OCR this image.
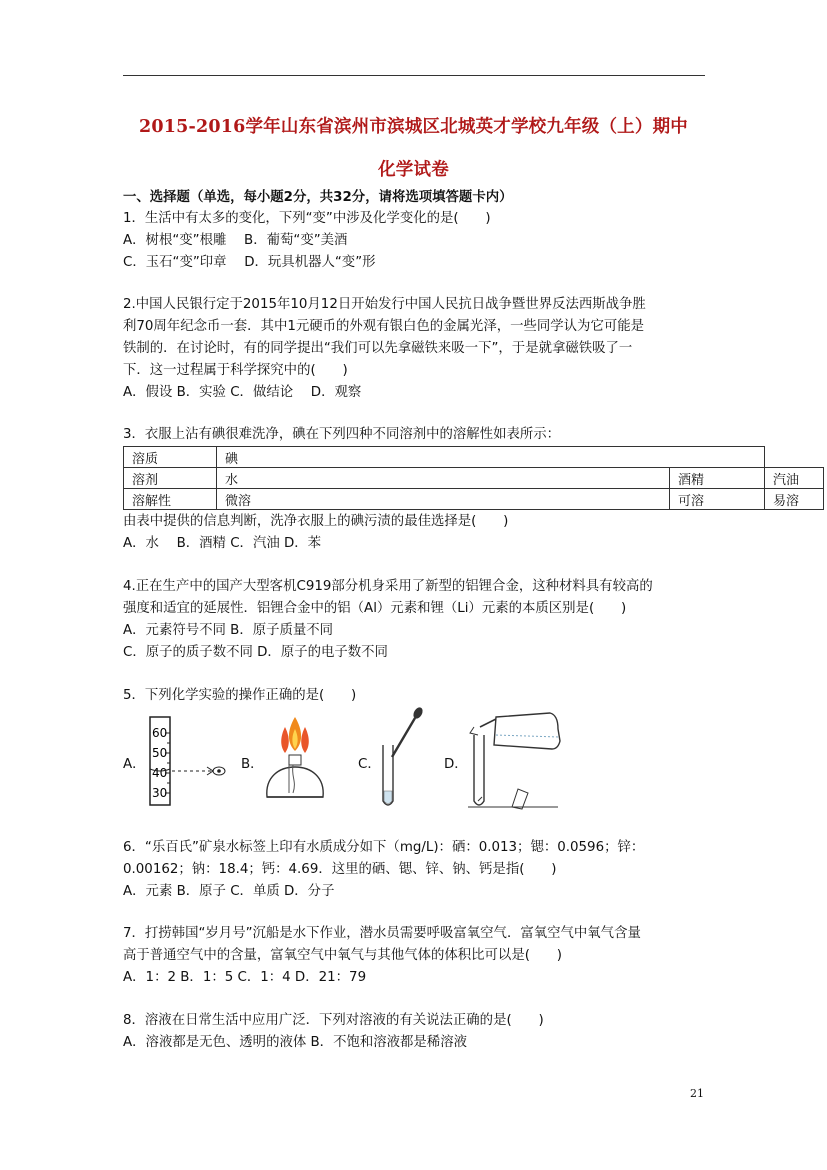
2015-2016学年山东省滨州市滨城区北城英才学校九年级（上）期中
化学试卷
一、选择题（单选，每小题2分，共32分，请将选项填答题卡内）
1．生活中有太多的变化，下列“变”中涉及化学变化的是(　　)
A．树根“变”根雕　 B．葡萄“变”美酒
C．玉石“变”印章　 D．玩具机器人“变”形
2.中国人民银行定于2015年10月12日开始发行中国人民抗日战争暨世界反法西斯战争胜
利70周年纪念币一套．其中1元硬币的外观有银白色的金属光泽，一些同学认为它可能是
铁制的．在讨论时，有的同学提出“我们可以先拿磁铁来吸一下”，于是就拿磁铁吸了一
下．这一过程属于科学探究中的(　　)
A．假设 B．实验 C．做结论　 D．观察
3．衣服上沾有碘很难洗净，碘在下列四种不同溶剂中的溶解性如表所示：
溶质	碘		
溶剂	水	酒精	汽油
溶解性	微溶	可溶	易溶
由表中提供的信息判断，洗净衣服上的碘污渍的最佳选择是(　　)
A．水　 B．酒精 C．汽油 D．苯
4.正在生产中的国产大型客机C919部分机身采用了新型的铝锂合金，这种材料具有较高的
强度和适宜的延展性．铝锂合金中的铝（Al）元素和锂（Li）元素的本质区别是(　　)
A．元素符号不同 B．原子质量不同
C．原子的质子数不同 D．原子的电子数不同
5．下列化学实验的操作正确的是(　　)
A．	B．	C．	D．
60
50
40
30
6．“乐百氏”矿泉水标签上印有水质成分如下（mg/L)：硒：0.013；锶：0.0596；锌：
0.00162；钠：18.4；钙：4.69．这里的硒、锶、锌、钠、钙是指(　　)
A．元素 B．原子 C．单质 D．分子
7．打捞韩国“岁月号”沉船是水下作业，潜水员需要呼吸富氧空气．富氧空气中氧气含量
高于普通空气中的含量，富氧空气中氧气与其他气体的体积比可以是(　　)
A．1：2 B．1：5 C．1：4 D．21：79
8．溶液在日常生活中应用广泛．下列对溶液的有关说法正确的是(　　)
A．溶液都是无色、透明的液体 B．不饱和溶液都是稀溶液
21
